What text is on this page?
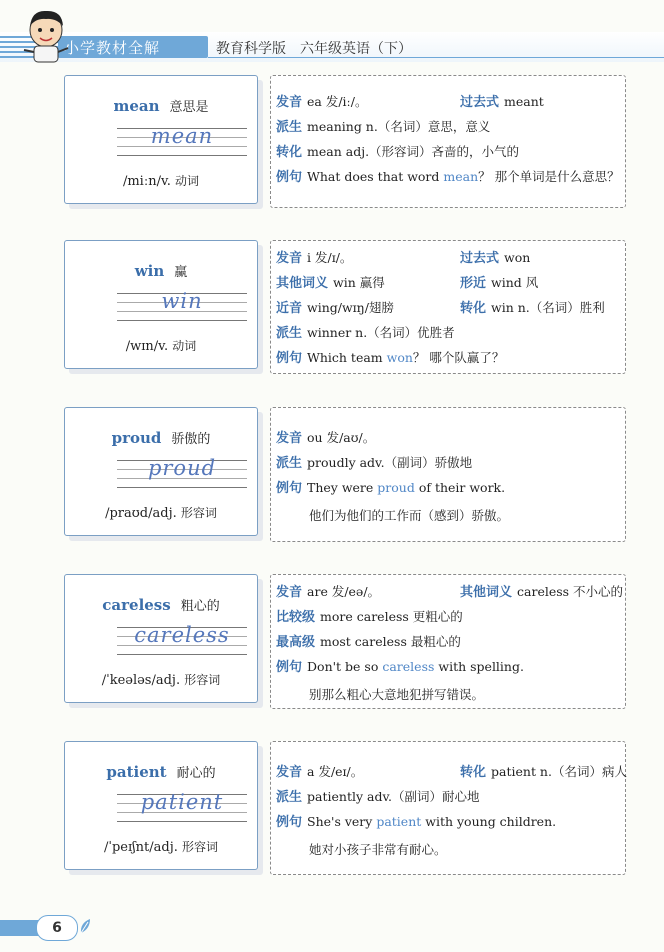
小学教材全解	教育科学版　六年级英语（下）
mean 意思是
mean
/miːn/v. 动词
发音 ea 发/iː/。	过去式 meant
派生 meaning n.（名词）意思，意义
转化 mean adj.（形容词）吝啬的，小气的
例句 What does that word mean？ 那个单词是什么意思？
win 赢
win
/wɪn/v. 动词
发音 i 发/ɪ/。	过去式 won
其他词义 win 赢得	形近 wind 风
近音 wing/wɪŋ/翅膀	转化 win n.（名词）胜利
派生 winner n.（名词）优胜者
例句 Which team won？ 哪个队赢了？
proud 骄傲的
proud
/praʊd/adj. 形容词
发音 ou 发/aʊ/。
派生 proudly adv.（副词）骄傲地
例句 They were proud of their work.
他们为他们的工作而（感到）骄傲。
careless 粗心的
careless
/ˈkeələs/adj. 形容词
发音 are 发/eə/。	其他词义 careless 不小心的
比较级 more careless 更粗心的
最高级 most careless 最粗心的
例句 Don't be so careless with spelling.
别那么粗心大意地犯拼写错误。
patient 耐心的
patient
/ˈpeɪʃnt/adj. 形容词
发音 a 发/eɪ/。	转化 patient n.（名词）病人
派生 patiently adv.（副词）耐心地
例句 She's very patient with young children.
她对小孩子非常有耐心。
6
